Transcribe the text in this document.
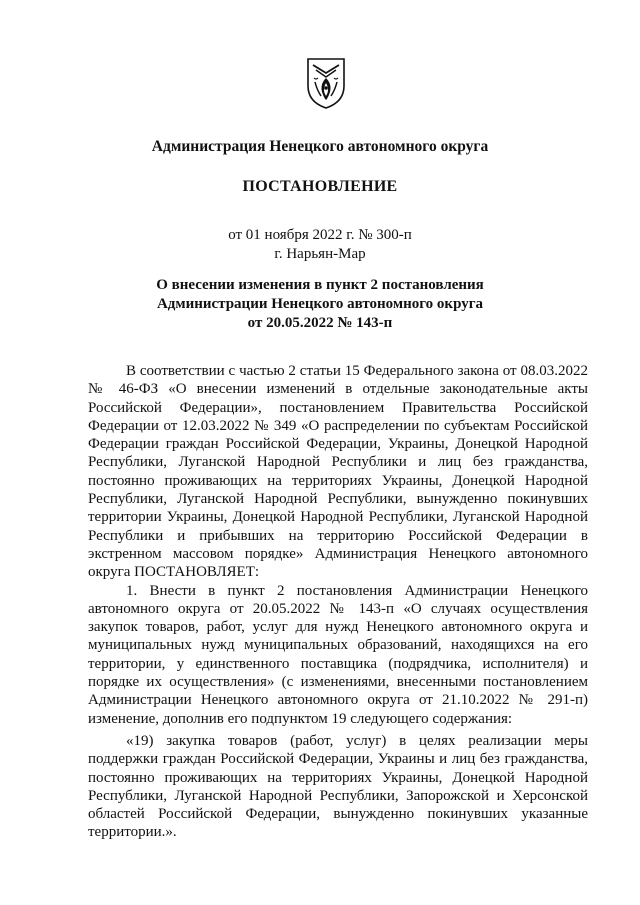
Администрация Ненецкого автономного округа
ПОСТАНОВЛЕНИЕ
от 01 ноября 2022 г. № 300-п
г. Нарьян-Мар
О внесении изменения в пункт 2 постановления
Администрации Ненецкого автономного округа
от 20.05.2022 № 143-п

В соответствии с частью 2 статьи 15 Федерального закона от 08.03.2022 № 46-ФЗ «О внесении изменений в отдельные законодательные акты Российской Федерации», постановлением Правительства Российской Федерации от 12.03.2022 № 349 «О распределении по субъектам Российской Федерации граждан Российской Федерации, Украины, Донецкой Народной Республики, Луганской Народной Республики и лиц без гражданства, постоянно проживающих на территориях Украины, Донецкой Народной Республики, Луганской Народной Республики, вынужденно покинувших территории Украины, Донецкой Народной Республики, Луганской Народной Республики и прибывших на территорию Российской Федерации в экстренном массовом порядке» Администрация Ненецкого автономного округа ПОСТАНОВЛЯЕТ:

1. Внести в пункт 2 постановления Администрации Ненецкого автономного округа от 20.05.2022 № 143-п «О случаях осуществления закупок товаров, работ, услуг для нужд Ненецкого автономного округа и муниципальных нужд муниципальных образований, находящихся на его территории, у единственного поставщика (подрядчика, исполнителя) и порядке их осуществления» (с изменениями, внесенными постановлением Администрации Ненецкого автономного округа от 21.10.2022 № 291-п) изменение, дополнив его подпунктом 19 следующего содержания:

«19) закупка товаров (работ, услуг) в целях реализации меры поддержки граждан Российской Федерации, Украины и лиц без гражданства, постоянно проживающих на территориях Украины, Донецкой Народной Республики, Луганской Народной Республики, Запорожской и Херсонской областей Российской Федерации, вынужденно покинувших указанные территории.».
